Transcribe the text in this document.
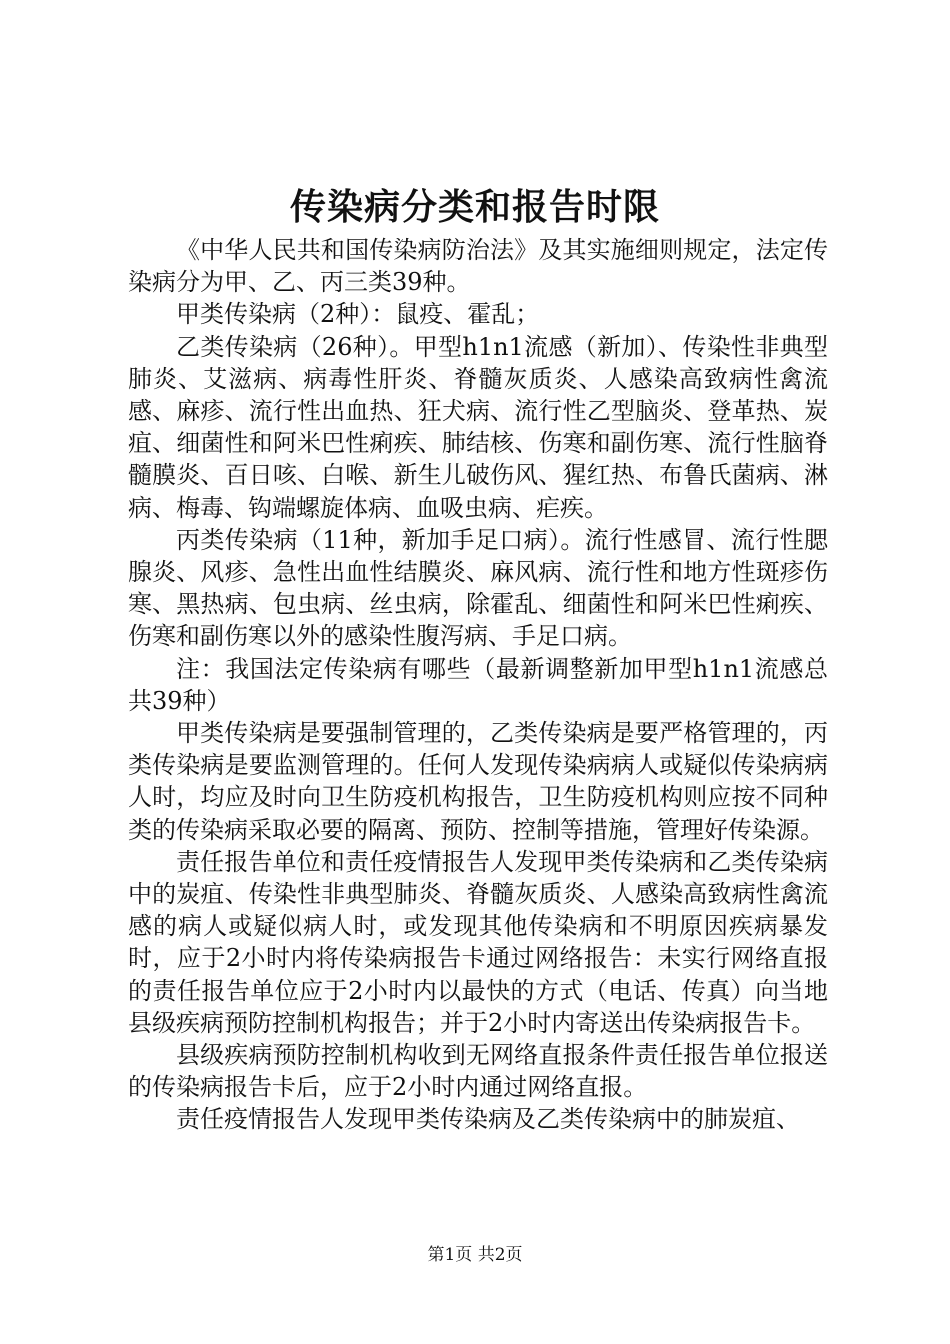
传染病分类和报告时限

《中华人民共和国传染病防治法》及其实施细则规定，法定传染病分为甲、乙、丙三类39种。

甲类传染病（2种）：鼠疫、霍乱；

乙类传染病（26种）。甲型h1n1流感（新加）、传染性非典型肺炎、艾滋病、病毒性肝炎、脊髓灰质炎、人感染高致病性禽流感、麻疹、流行性出血热、狂犬病、流行性乙型脑炎、登革热、炭疽、细菌性和阿米巴性痢疾、肺结核、伤寒和副伤寒、流行性脑脊髓膜炎、百日咳、白喉、新生儿破伤风、猩红热、布鲁氏菌病、淋病、梅毒、钩端螺旋体病、血吸虫病、疟疾。

丙类传染病（11种，新加手足口病）。流行性感冒、流行性腮腺炎、风疹、急性出血性结膜炎、麻风病、流行性和地方性斑疹伤寒、黑热病、包虫病、丝虫病，除霍乱、细菌性和阿米巴性痢疾、伤寒和副伤寒以外的感染性腹泻病、手足口病。

注：我国法定传染病有哪些（最新调整新加甲型h1n1流感总共39种）

甲类传染病是要强制管理的，乙类传染病是要严格管理的，丙类传染病是要监测管理的。任何人发现传染病病人或疑似传染病病人时，均应及时向卫生防疫机构报告，卫生防疫机构则应按不同种类的传染病采取必要的隔离、预防、控制等措施，管理好传染源。

责任报告单位和责任疫情报告人发现甲类传染病和乙类传染病中的炭疽、传染性非典型肺炎、脊髓灰质炎、人感染高致病性禽流感的病人或疑似病人时，或发现其他传染病和不明原因疾病暴发时，应于2小时内将传染病报告卡通过网络报告：未实行网络直报的责任报告单位应于2小时内以最快的方式（电话、传真）向当地县级疾病预防控制机构报告；并于2小时内寄送出传染病报告卡。

县级疾病预防控制机构收到无网络直报条件责任报告单位报送的传染病报告卡后，应于2小时内通过网络直报。

责任疫情报告人发现甲类传染病及乙类传染病中的肺炭疽、

第1页 共2页
